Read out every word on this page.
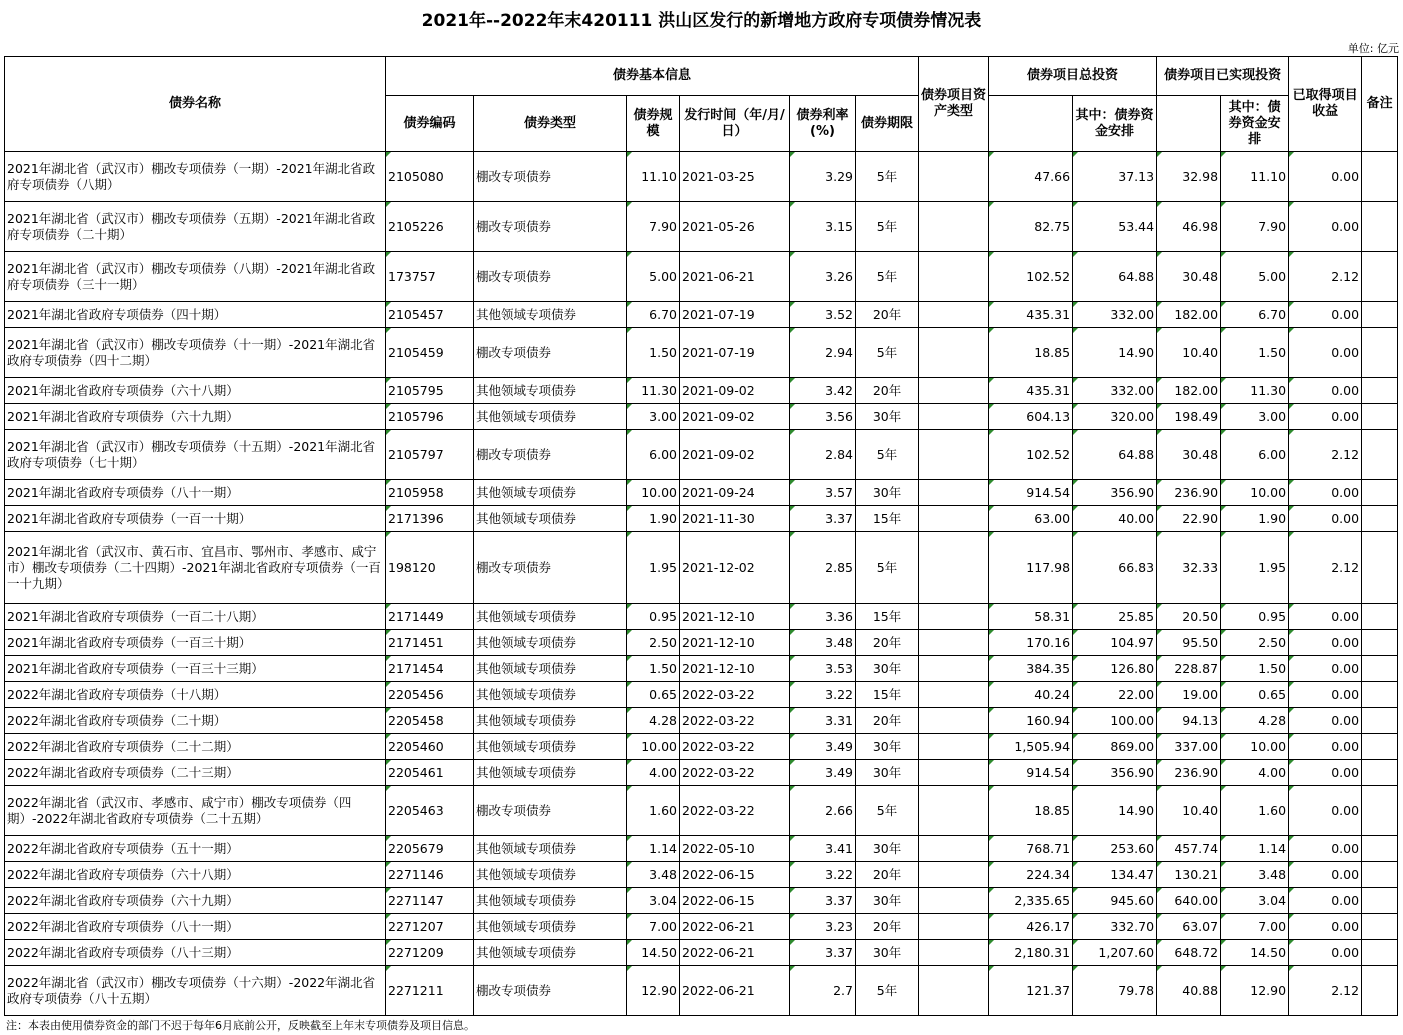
2021年--2022年末420111 洪山区发行的新增地方政府专项债券情况表
单位: 亿元
债券名称	债券基本信息						债券项目资产类型	债券项目总投资		债券项目已实现投资		已取得项目收益	备注
	债券编码	债券类型	债券规模	发行时间（年/月/日）	债券利率(%)	债券期限			其中：债券资金安排		其中：债券资金安排		
2021年湖北省（武汉市）棚改专项债券（一期）-2021年湖北省政府专项债券（八期）	2105080	棚改专项债券	11.10	2021-03-25	3.29	5年		47.66	37.13	32.98	11.10	0.00	
2021年湖北省（武汉市）棚改专项债券（五期）-2021年湖北省政府专项债券（二十期）	2105226	棚改专项债券	7.90	2021-05-26	3.15	5年		82.75	53.44	46.98	7.90	0.00	
2021年湖北省（武汉市）棚改专项债券（八期）-2021年湖北省政府专项债券（三十一期）	173757	棚改专项债券	5.00	2021-06-21	3.26	5年		102.52	64.88	30.48	5.00	2.12	
2021年湖北省政府专项债券（四十期）	2105457	其他领域专项债券	6.70	2021-07-19	3.52	20年		435.31	332.00	182.00	6.70	0.00	
2021年湖北省（武汉市）棚改专项债券（十一期）-2021年湖北省政府专项债券（四十二期）	2105459	棚改专项债券	1.50	2021-07-19	2.94	5年		18.85	14.90	10.40	1.50	0.00	
2021年湖北省政府专项债券（六十八期）	2105795	其他领域专项债券	11.30	2021-09-02	3.42	20年		435.31	332.00	182.00	11.30	0.00	
2021年湖北省政府专项债券（六十九期）	2105796	其他领域专项债券	3.00	2021-09-02	3.56	30年		604.13	320.00	198.49	3.00	0.00	
2021年湖北省（武汉市）棚改专项债券（十五期）-2021年湖北省政府专项债券（七十期）	2105797	棚改专项债券	6.00	2021-09-02	2.84	5年		102.52	64.88	30.48	6.00	2.12	
2021年湖北省政府专项债券（八十一期）	2105958	其他领域专项债券	10.00	2021-09-24	3.57	30年		914.54	356.90	236.90	10.00	0.00	
2021年湖北省政府专项债券（一百一十期）	2171396	其他领域专项债券	1.90	2021-11-30	3.37	15年		63.00	40.00	22.90	1.90	0.00	
2021年湖北省（武汉市、黄石市、宜昌市、鄂州市、孝感市、咸宁市）棚改专项债券（二十四期）-2021年湖北省政府专项债券（一百一十九期）	198120	棚改专项债券	1.95	2021-12-02	2.85	5年		117.98	66.83	32.33	1.95	2.12	
2021年湖北省政府专项债券（一百二十八期）	2171449	其他领域专项债券	0.95	2021-12-10	3.36	15年		58.31	25.85	20.50	0.95	0.00	
2021年湖北省政府专项债券（一百三十期）	2171451	其他领域专项债券	2.50	2021-12-10	3.48	20年		170.16	104.97	95.50	2.50	0.00	
2021年湖北省政府专项债券（一百三十三期）	2171454	其他领域专项债券	1.50	2021-12-10	3.53	30年		384.35	126.80	228.87	1.50	0.00	
2022年湖北省政府专项债券（十八期）	2205456	其他领域专项债券	0.65	2022-03-22	3.22	15年		40.24	22.00	19.00	0.65	0.00	
2022年湖北省政府专项债券（二十期）	2205458	其他领域专项债券	4.28	2022-03-22	3.31	20年		160.94	100.00	94.13	4.28	0.00	
2022年湖北省政府专项债券（二十二期）	2205460	其他领域专项债券	10.00	2022-03-22	3.49	30年		1,505.94	869.00	337.00	10.00	0.00	
2022年湖北省政府专项债券（二十三期）	2205461	其他领域专项债券	4.00	2022-03-22	3.49	30年		914.54	356.90	236.90	4.00	0.00	
2022年湖北省（武汉市、孝感市、咸宁市）棚改专项债券（四期）-2022年湖北省政府专项债券（二十五期）	2205463	棚改专项债券	1.60	2022-03-22	2.66	5年		18.85	14.90	10.40	1.60	0.00	
2022年湖北省政府专项债券（五十一期）	2205679	其他领域专项债券	1.14	2022-05-10	3.41	30年		768.71	253.60	457.74	1.14	0.00	
2022年湖北省政府专项债券（六十八期）	2271146	其他领域专项债券	3.48	2022-06-15	3.22	20年		224.34	134.47	130.21	3.48	0.00	
2022年湖北省政府专项债券（六十九期）	2271147	其他领域专项债券	3.04	2022-06-15	3.37	30年		2,335.65	945.60	640.00	3.04	0.00	
2022年湖北省政府专项债券（八十一期）	2271207	其他领域专项债券	7.00	2022-06-21	3.23	20年		426.17	332.70	63.07	7.00	0.00	
2022年湖北省政府专项债券（八十三期）	2271209	其他领域专项债券	14.50	2022-06-21	3.37	30年		2,180.31	1,207.60	648.72	14.50	0.00	
2022年湖北省（武汉市）棚改专项债券（十六期）-2022年湖北省政府专项债券（八十五期）	2271211	棚改专项债券	12.90	2022-06-21	2.7	5年		121.37	79.78	40.88	12.90	2.12	
注：本表由使用债券资金的部门不迟于每年6月底前公开，反映截至上年末专项债券及项目信息。
